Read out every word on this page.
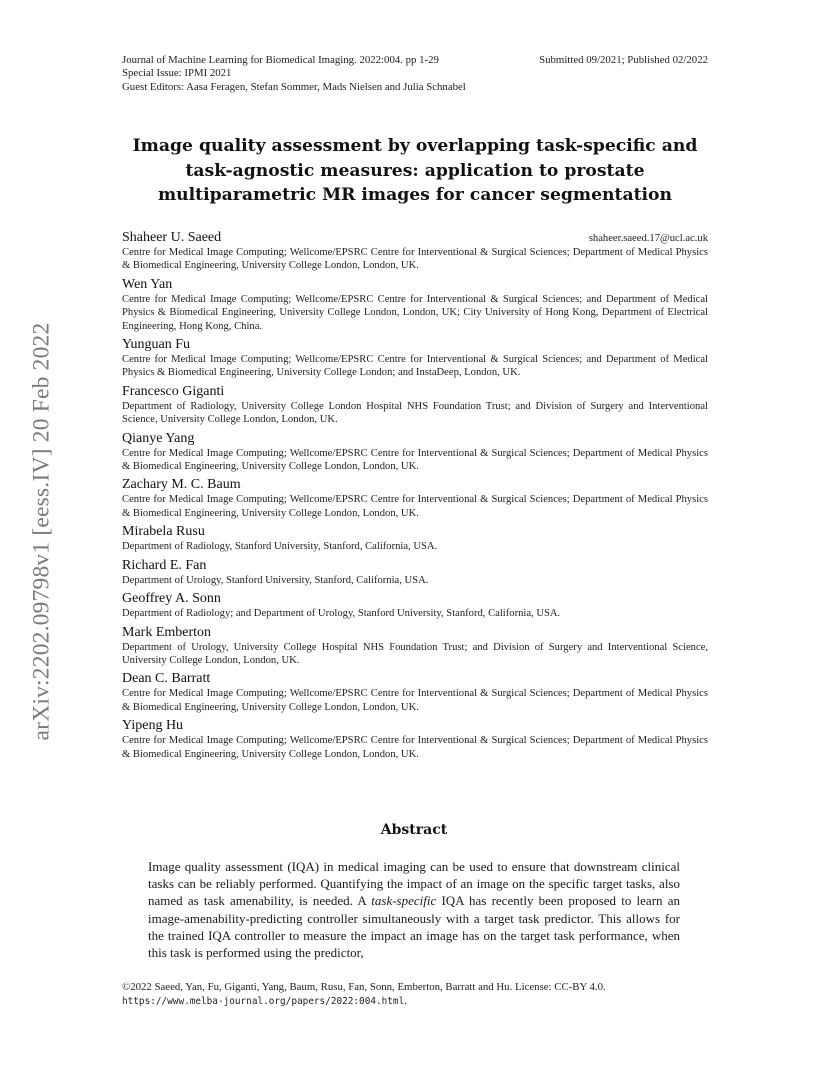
arXiv:2202.09798v1 [eess.IV] 20 Feb 2022
Journal of Machine Learning for Biomedical Imaging. 2022:004. pp 1-29	Submitted 09/2021; Published 02/2022
Special Issue: IPMI 2021
Guest Editors: Aasa Feragen, Stefan Sommer, Mads Nielsen and Julia Schnabel
Image quality assessment by overlapping task-specific and
task-agnostic measures: application to prostate
multiparametric MR images for cancer segmentation
Shaheer U. Saeed	shaheer.saeed.17@ucl.ac.uk
Centre for Medical Image Computing; Wellcome/EPSRC Centre for Interventional & Surgical Sciences; Department of Medical Physics & Biomedical Engineering, University College London, London, UK.
Wen Yan
Centre for Medical Image Computing; Wellcome/EPSRC Centre for Interventional & Surgical Sciences; and Department of Medical Physics & Biomedical Engineering, University College London, London, UK; City University of Hong Kong, Department of Electrical Engineering, Hong Kong, China.
Yunguan Fu
Centre for Medical Image Computing; Wellcome/EPSRC Centre for Interventional & Surgical Sciences; and Department of Medical Physics & Biomedical Engineering, University College London; and InstaDeep, London, UK.
Francesco Giganti
Department of Radiology, University College London Hospital NHS Foundation Trust; and Division of Surgery and Interventional Science, University College London, London, UK.
Qianye Yang
Centre for Medical Image Computing; Wellcome/EPSRC Centre for Interventional & Surgical Sciences; Department of Medical Physics & Biomedical Engineering, University College London, London, UK.
Zachary M. C. Baum
Centre for Medical Image Computing; Wellcome/EPSRC Centre for Interventional & Surgical Sciences; Department of Medical Physics & Biomedical Engineering, University College London, London, UK.
Mirabela Rusu
Department of Radiology, Stanford University, Stanford, California, USA.
Richard E. Fan
Department of Urology, Stanford University, Stanford, California, USA.
Geoffrey A. Sonn
Department of Radiology; and Department of Urology, Stanford University, Stanford, California, USA.
Mark Emberton
Department of Urology, University College Hospital NHS Foundation Trust; and Division of Surgery and Interventional Science, University College London, London, UK.
Dean C. Barratt
Centre for Medical Image Computing; Wellcome/EPSRC Centre for Interventional & Surgical Sciences; Department of Medical Physics & Biomedical Engineering, University College London, London, UK.
Yipeng Hu
Centre for Medical Image Computing; Wellcome/EPSRC Centre for Interventional & Surgical Sciences; Department of Medical Physics & Biomedical Engineering, University College London, London, UK.
Abstract
Image quality assessment (IQA) in medical imaging can be used to ensure that downstream clinical tasks can be reliably performed. Quantifying the impact of an image on the specific target tasks, also named as task amenability, is needed. A task-specific IQA has recently been proposed to learn an image-amenability-predicting controller simultaneously with a target task predictor. This allows for the trained IQA controller to measure the impact an image has on the target task performance, when this task is performed using the predictor,
©2022 Saeed, Yan, Fu, Giganti, Yang, Baum, Rusu, Fan, Sonn, Emberton, Barratt and Hu. License: CC-BY 4.0.
https://www.melba-journal.org/papers/2022:004.html.
